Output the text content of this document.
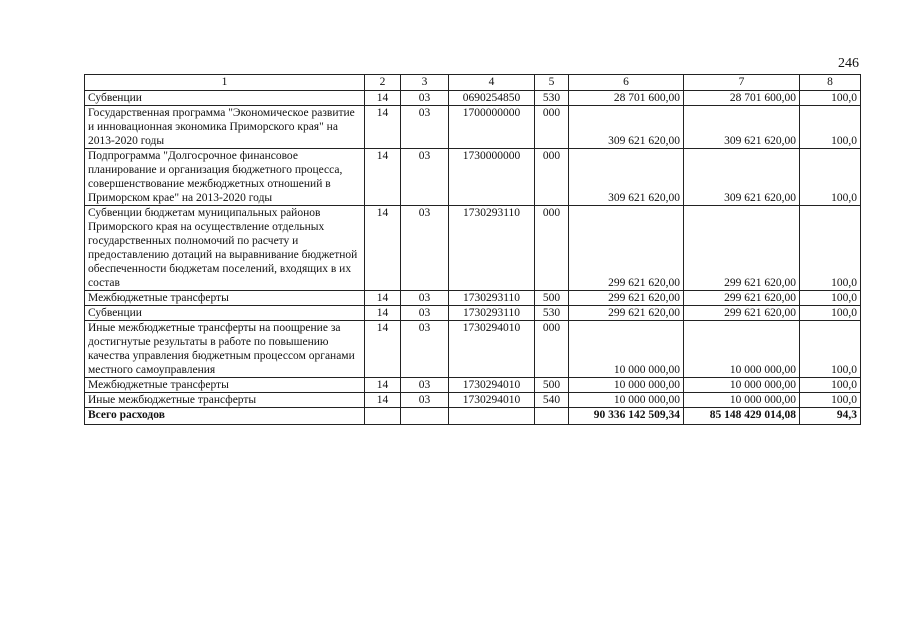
246
1	2	3	4	5	6	7	8
Субвенции	14	03	0690254850	530	28 701 600,00	28 701 600,00	100,0
Государственная программа "Экономическое развитие и инновационная экономика Приморского края" на 2013-2020 годы	14	03	1700000000	000	309 621 620,00	309 621 620,00	100,0
Подпрограмма "Долгосрочное финансовое планирование и организация бюджетного процесса, совершенствование межбюджетных отношений в Приморском крае" на 2013-2020 годы	14	03	1730000000	000	309 621 620,00	309 621 620,00	100,0
Субвенции бюджетам муниципальных районов Приморского края на осуществление отдельных государственных полномочий по расчету и предоставлению дотаций на выравнивание бюджетной обеспеченности бюджетам поселений, входящих в их состав	14	03	1730293110	000	299 621 620,00	299 621 620,00	100,0
Межбюджетные трансферты	14	03	1730293110	500	299 621 620,00	299 621 620,00	100,0
Субвенции	14	03	1730293110	530	299 621 620,00	299 621 620,00	100,0
Иные межбюджетные трансферты на поощрение за достигнутые результаты в работе по повышению качества управления бюджетным процессом органами местного самоуправления	14	03	1730294010	000	10 000 000,00	10 000 000,00	100,0
Межбюджетные трансферты	14	03	1730294010	500	10 000 000,00	10 000 000,00	100,0
Иные межбюджетные трансферты	14	03	1730294010	540	10 000 000,00	10 000 000,00	100,0
Всего расходов					90 336 142 509,34	85 148 429 014,08	94,3
